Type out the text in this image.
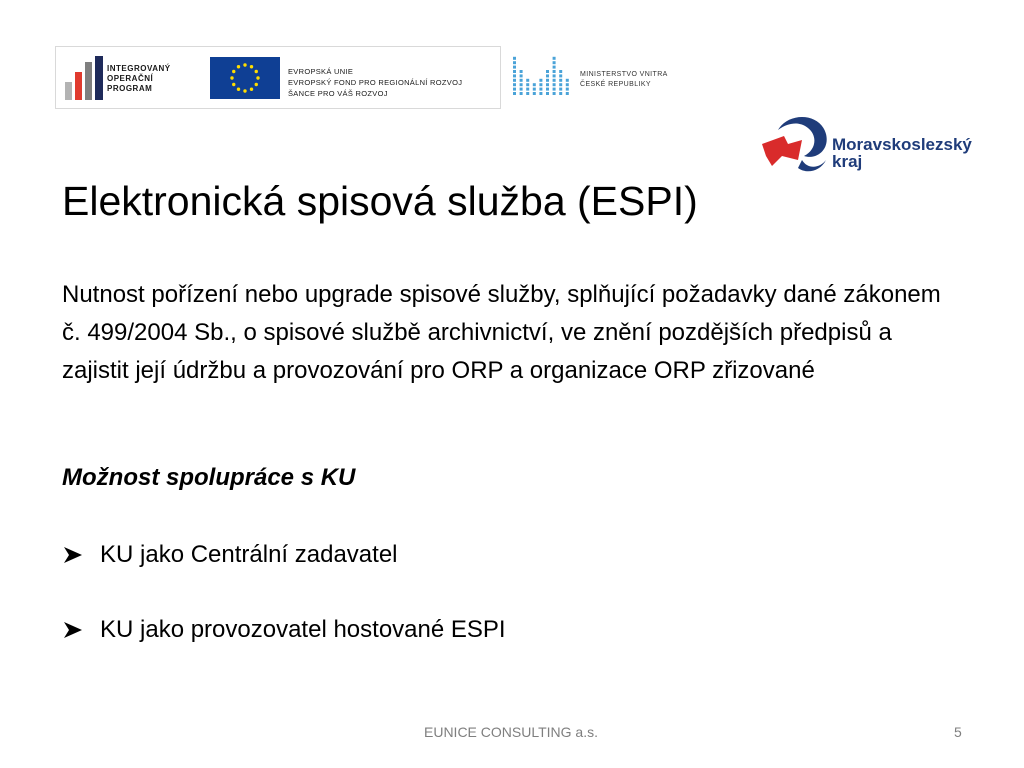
INTEGROVANÝ
OPERAČNÍ
PROGRAM
EVROPSKÁ UNIE
EVROPSKÝ FOND PRO REGIONÁLNÍ ROZVOJ
ŠANCE PRO VÁŠ ROZVOJ
MINISTERSTVO VNITRA
ČESKÉ REPUBLIKY
Moravskoslezský
kraj
Elektronická spisová služba (ESPI)

Nutnost pořízení nebo upgrade spisové služby, splňující požadavky dané zákonem č. 499/2004 Sb., o spisové službě archivnictví, ve znění pozdějších předpisů a zajistit její údržbu a provozování pro ORP a organizace ORP zřizované

Možnost spolupráce s KU

KU jako Centrální zadavatel
KU jako provozovatel hostované ESPI
EUNICE CONSULTING a.s.	5
